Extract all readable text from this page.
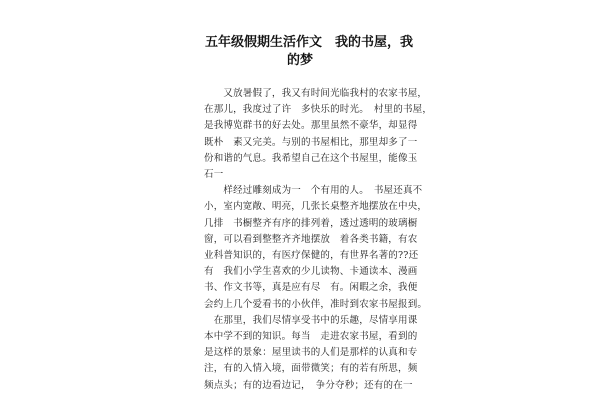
五年级假期生活作文　我的书屋，我
的梦
　　又放暑假了，我又有时间光临我村的农家书屋，
在那儿，我度过了许　多快乐的时光。　村里的书屋，
是我博览群书的好去处。那里虽然不豪华，却显得
既朴　素又完美。与别的书屋相比，那里却多了一
份和谐的气息。我希望自己在这个书屋里，能像玉
石一
　　样经过雕刻成为一　个有用的人。　书屋还真不
小，室内宽敞、明亮，几张长桌整齐地摆放在中央，
几排　书橱整齐有序的排列着，透过透明的玻璃橱
窗，可以看到整整齐齐地摆放　着各类书籍，有农
业科普知识的，有医疗保健的，有世界名著的??还
有　我们小学生喜欢的少儿读物、卡通读本、漫画
书、作文书等，真是应有尽　有。闲暇之余，我便
会约上几个爱看书的小伙伴，准时到农家书屋报到。
　在那里，我们尽情享受书中的乐趣，尽情享用课
本中学不到的知识。每当　走进农家书屋，看到的
是这样的景象：屋里读书的人们是那样的认真和专
注，有的入情入境，面带微笑；有的若有所思，频
频点头；有的边看边记，　争分夺秒；还有的在一
